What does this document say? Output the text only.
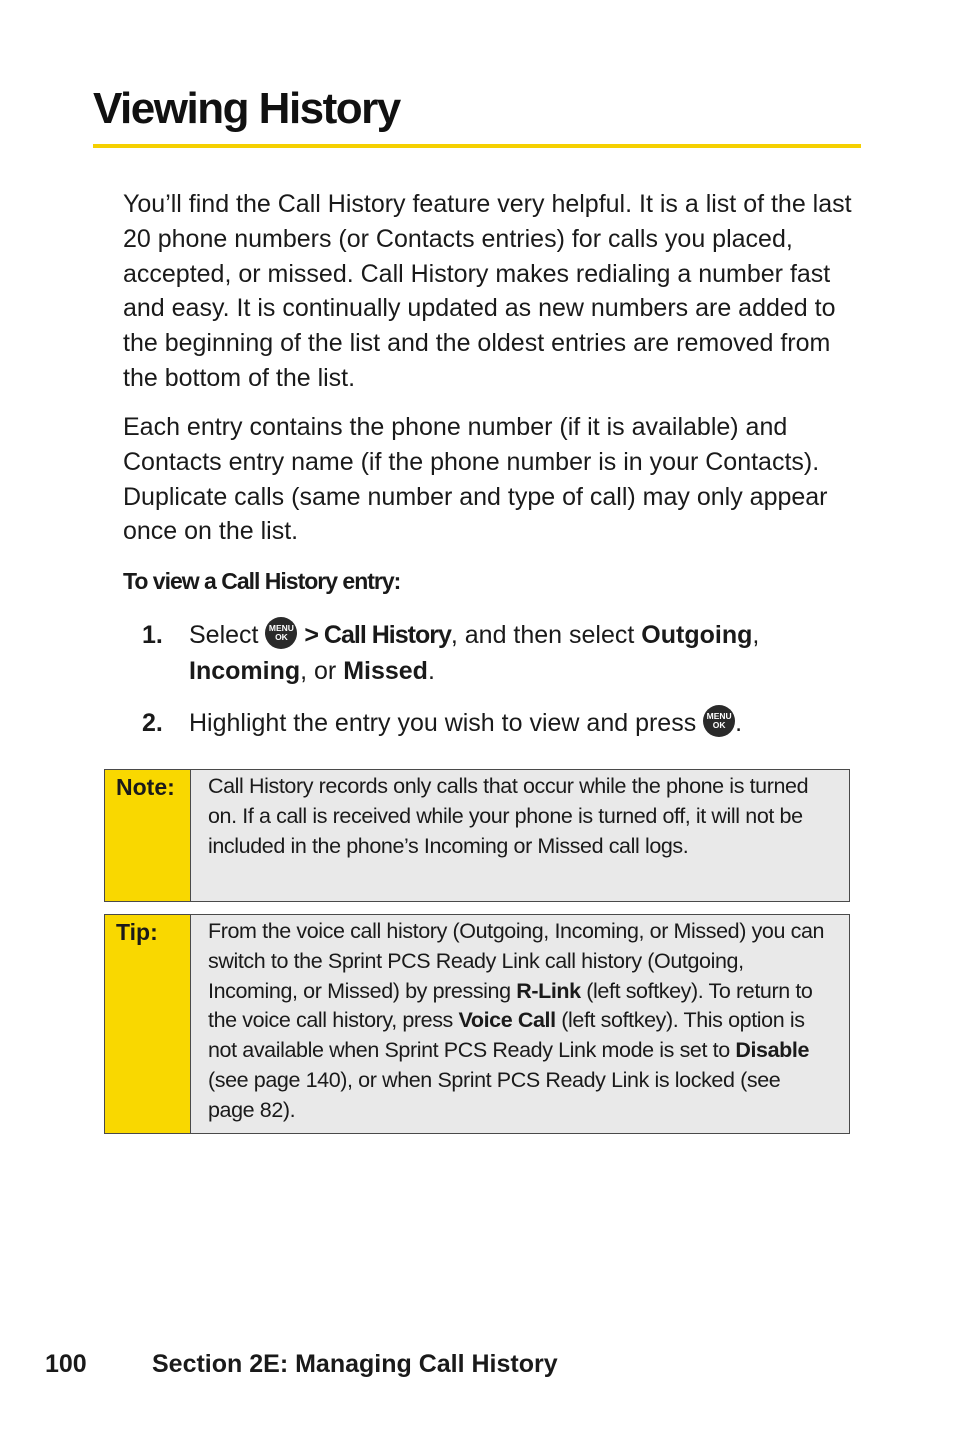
Viewing History

You’ll find the Call History feature very helpful. It is a list of the last 20 phone numbers (or Contacts entries) for calls you placed, accepted, or missed. Call History makes redialing a number fast and easy. It is continually updated as new numbers are added to the beginning of the list and the oldest entries are removed from the bottom of the list.

Each entry contains the phone number (if it is available) and Contacts entry name (if the phone number is in your Contacts). Duplicate calls (same number and type of call) may only appear once on the list.

To view a Call History entry:

1. Select	MENU
OK > Call History, and then select Outgoing,
Incoming, or Missed.
2. Highlight the entry you wish to view and press	MENU
OK .
Note:	Call History records only calls that occur while the phone is turned on. If a call is received while your phone is turned off, it will not be included in the phone’s Incoming or Missed call logs.
Tip:	From the voice call history (Outgoing, Incoming, or Missed) you can switch to the Sprint PCS Ready Link call history (Outgoing, Incoming, or Missed) by pressing R-Link (left softkey). To return to the voice call history, press Voice Call (left softkey). This option is not available when Sprint PCS Ready Link mode is set to Disable (see page 140), or when Sprint PCS Ready Link is locked (see page 82).
100	Section 2E: Managing Call History
